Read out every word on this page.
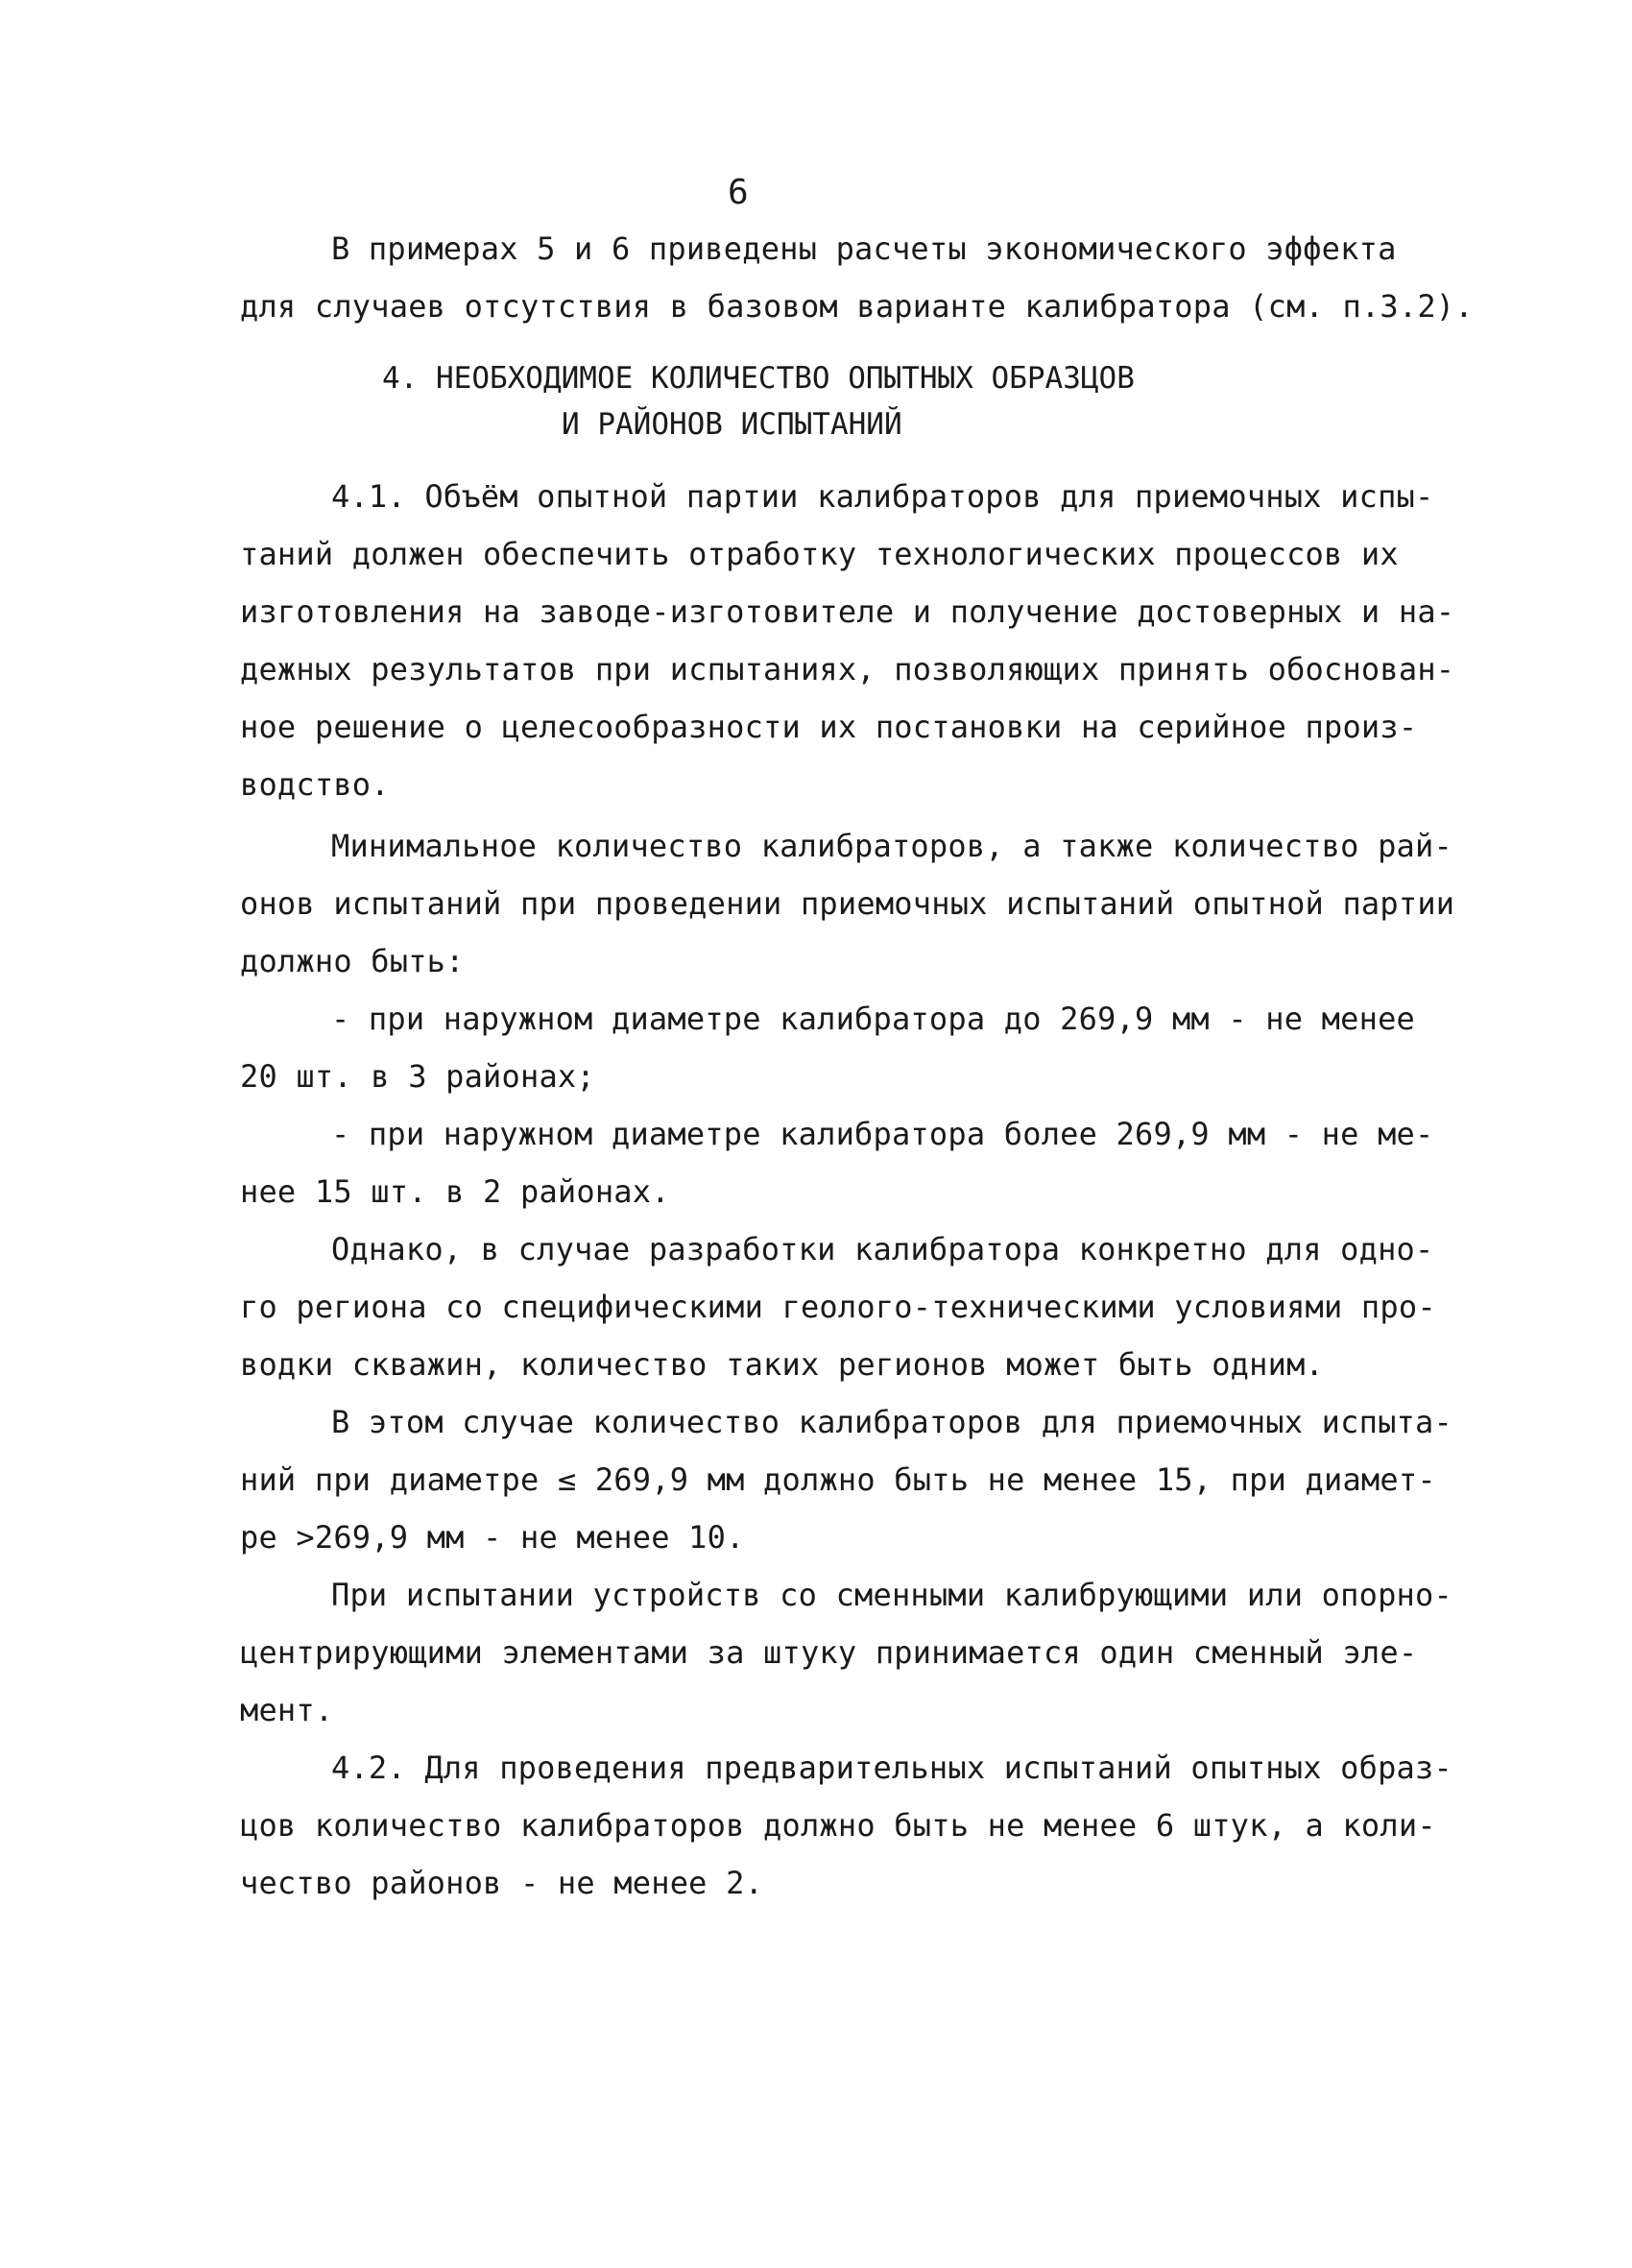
6
В примерах 5 и 6 приведены расчеты экономического эффекта
для случаев отсутствия в базовом варианте калибратора (см. п.3.2).
4. НЕОБХОДИМОЕ КОЛИЧЕСТВО ОПЫТНЫХ ОБРАЗЦОВ
И РАЙОНОВ ИСПЫТАНИЙ
4.1. Объём опытной партии калибраторов для приемочных испы-
таний должен обеспечить отработку технологических процессов их
изготовления на заводе-изготовителе и получение достоверных и на-
дежных результатов при испытаниях, позволяющих принять обоснован-
ное решение о целесообразности их постановки на серийное произ-
водство.
Минимальное количество калибраторов, а также количество рай-
онов испытаний при проведении приемочных испытаний опытной партии
должно быть:
- при наружном диаметре калибратора до 269,9 мм - не менее
20 шт. в 3 районах;
- при наружном диаметре калибратора более 269,9 мм - не ме-
нее 15 шт. в 2 районах.
Однако, в случае разработки калибратора конкретно для одно-
го региона со специфическими геолого-техническими условиями про-
водки скважин, количество таких регионов может быть одним.
В этом случае количество калибраторов для приемочных испыта-
ний при диаметре ≤ 269,9 мм должно быть не менее 15, при диамет-
ре >269,9 мм - не менее 10.
При испытании устройств со сменными калибрующими или опорно-
центрирующими элементами за штуку принимается один сменный эле-
мент.
4.2. Для проведения предварительных испытаний опытных образ-
цов количество калибраторов должно быть не менее 6 штук, а коли-
чество районов - не менее 2.
